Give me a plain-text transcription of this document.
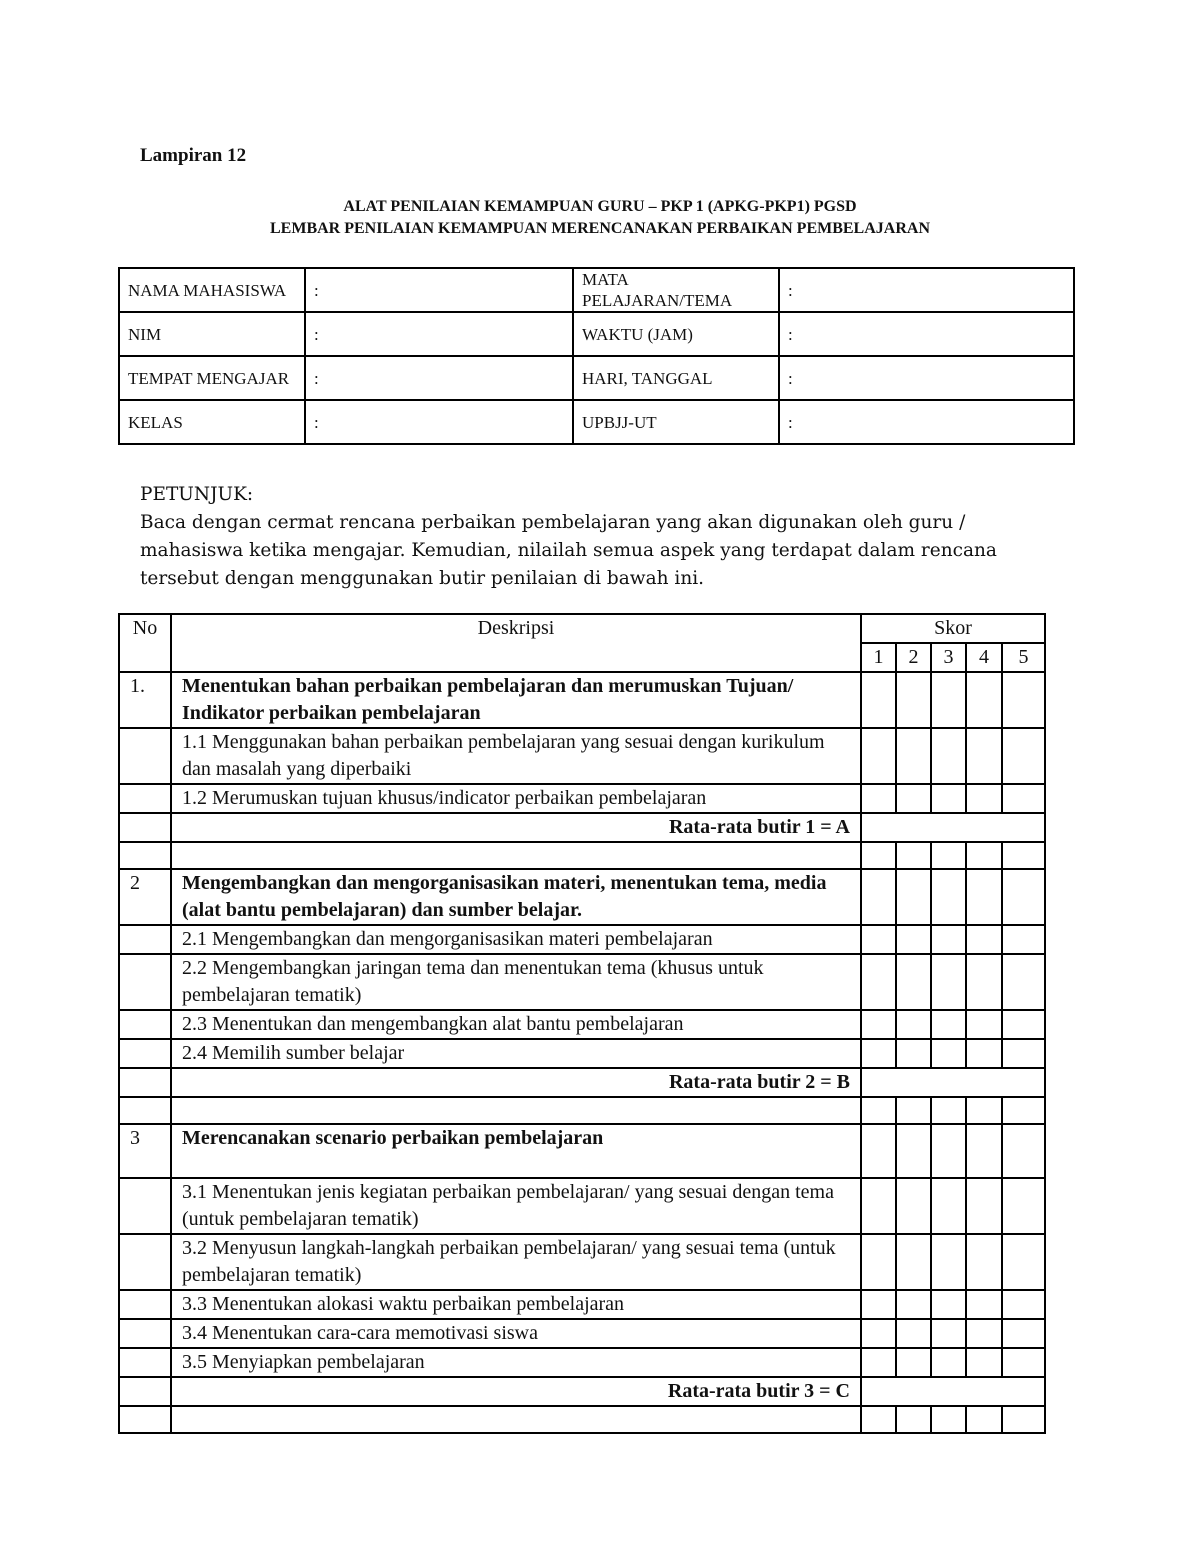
Lampiran 12
ALAT PENILAIAN KEMAMPUAN GURU – PKP 1 (APKG-PKP1) PGSD
LEMBAR PENILAIAN KEMAMPUAN MERENCANAKAN PERBAIKAN PEMBELAJARAN
NAMA MAHASISWA	:	MATA PELAJARAN/TEMA	:
NIM	:	WAKTU (JAM)	:
TEMPAT MENGAJAR	:	HARI, TANGGAL	:
KELAS	:	UPBJJ-UT	:
PETUNJUK:
Baca dengan cermat rencana perbaikan pembelajaran yang akan digunakan oleh guru / mahasiswa ketika mengajar. Kemudian, nilailah semua aspek yang terdapat dalam rencana tersebut dengan menggunakan butir penilaian di bawah ini.
No	Deskripsi	Skor				
		1	2	3	4	5
1.	Menentukan bahan perbaikan pembelajaran dan merumuskan Tujuan/ Indikator perbaikan pembelajaran					
	1.1 Menggunakan bahan perbaikan pembelajaran yang sesuai dengan kurikulum dan masalah yang diperbaiki					
	1.2 Merumuskan tujuan khusus/indicator perbaikan pembelajaran					
	Rata-rata butir 1 = A					

2	Mengembangkan dan mengorganisasikan materi, menentukan tema, media (alat bantu pembelajaran) dan sumber belajar.					
	2.1 Mengembangkan dan mengorganisasikan materi pembelajaran					
	2.2 Mengembangkan jaringan tema dan menentukan tema (khusus untuk pembelajaran tematik)					
	2.3 Menentukan dan mengembangkan alat bantu pembelajaran					
	2.4 Memilih sumber belajar					
	Rata-rata butir 2 = B					

3	Merencanakan scenario perbaikan pembelajaran					
	3.1 Menentukan jenis kegiatan perbaikan pembelajaran/ yang sesuai dengan tema (untuk pembelajaran tematik)					
	3.2 Menyusun langkah-langkah perbaikan pembelajaran/ yang sesuai tema (untuk pembelajaran tematik)					
	3.3 Menentukan alokasi waktu perbaikan pembelajaran					
	3.4 Menentukan cara-cara memotivasi siswa					
	3.5 Menyiapkan pembelajaran					
	Rata-rata butir 3 = C					
